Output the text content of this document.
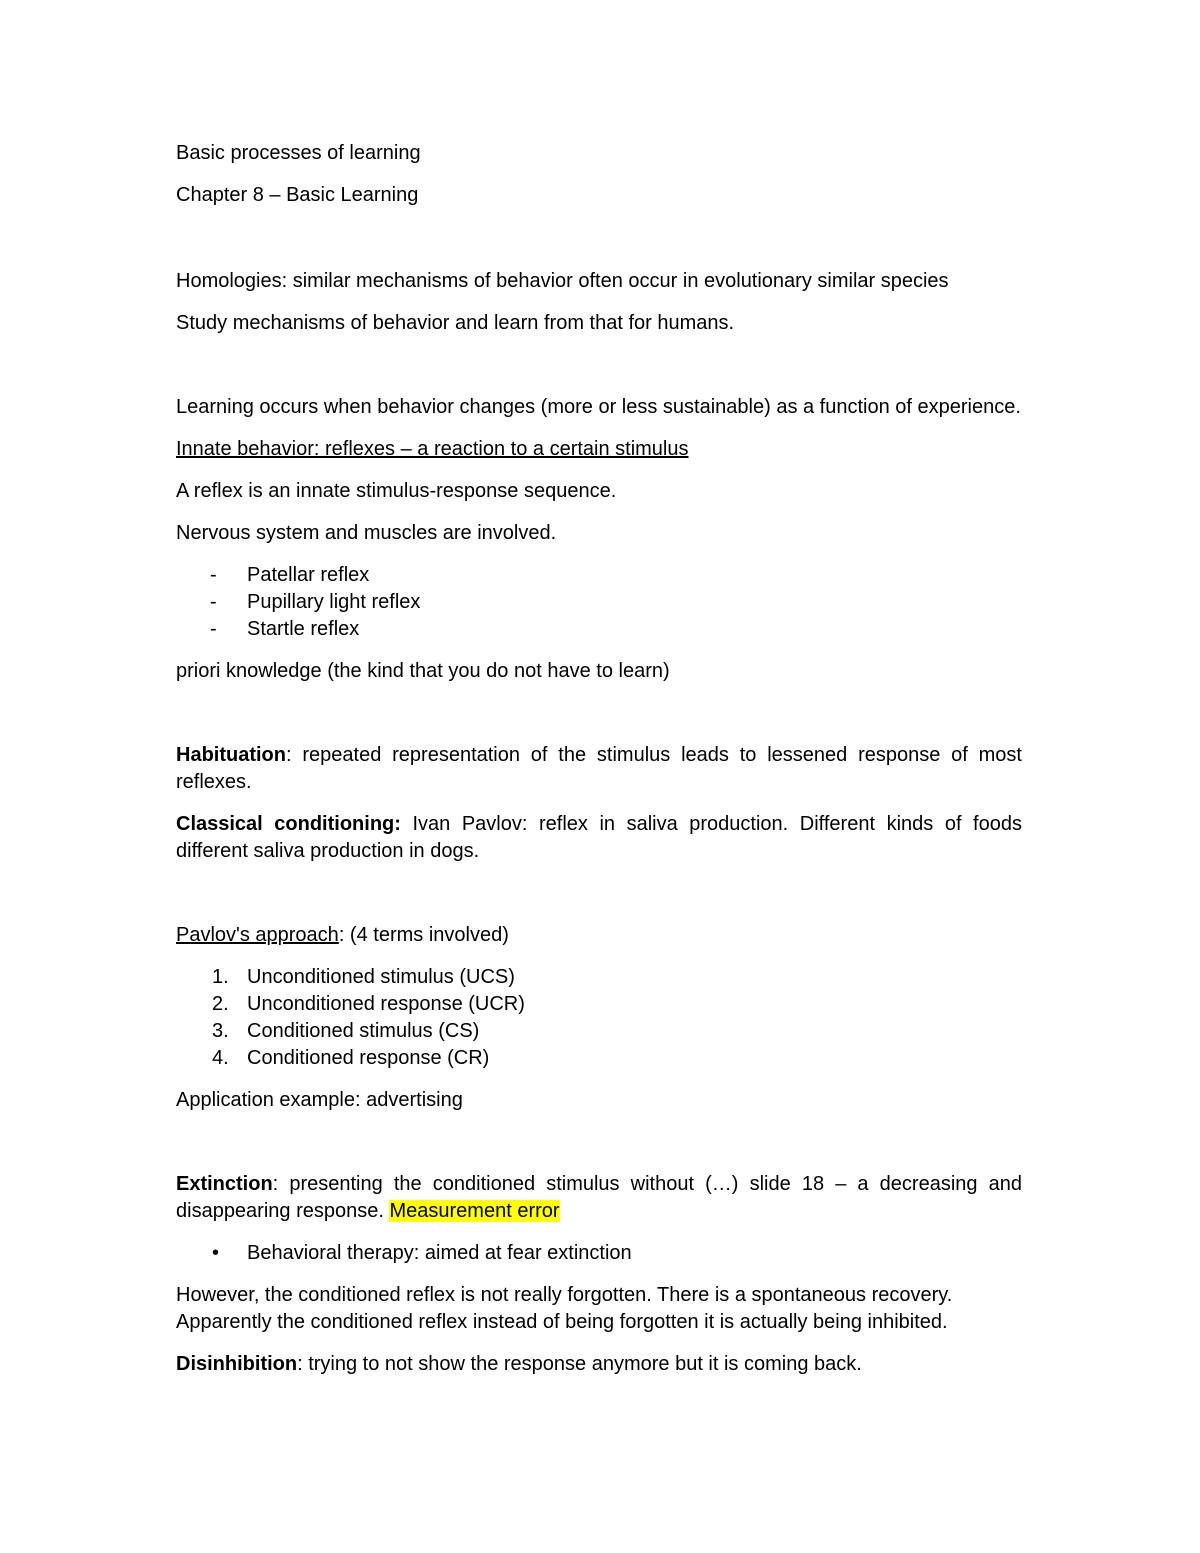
Basic processes of learning

Chapter 8 – Basic Learning

Homologies: similar mechanisms of behavior often occur in evolutionary similar species

Study mechanisms of behavior and learn from that for humans.

Learning occurs when behavior changes (more or less sustainable) as a function of experience.

Innate behavior: reflexes – a reaction to a certain stimulus

A reflex is an innate stimulus-response sequence.

Nervous system and muscles are involved.

- Patellar reflex
- Pupillary light reflex
- Startle reflex

priori knowledge (the kind that you do not have to learn)

Habituation: repeated representation of the stimulus leads to lessened response of most reflexes.

Classical conditioning: Ivan Pavlov: reflex in saliva production. Different kinds of foods different saliva production in dogs.

Pavlov's approach: (4 terms involved)

1. Unconditioned stimulus (UCS)
2. Unconditioned response (UCR)
3. Conditioned stimulus (CS)
4. Conditioned response (CR)

Application example: advertising

Extinction: presenting the conditioned stimulus without (…) slide 18 – a decreasing and disappearing response. Measurement error

• Behavioral therapy: aimed at fear extinction

However, the conditioned reflex is not really forgotten. There is a spontaneous recovery. Apparently the conditioned reflex instead of being forgotten it is actually being inhibited.

Disinhibition: trying to not show the response anymore but it is coming back.
